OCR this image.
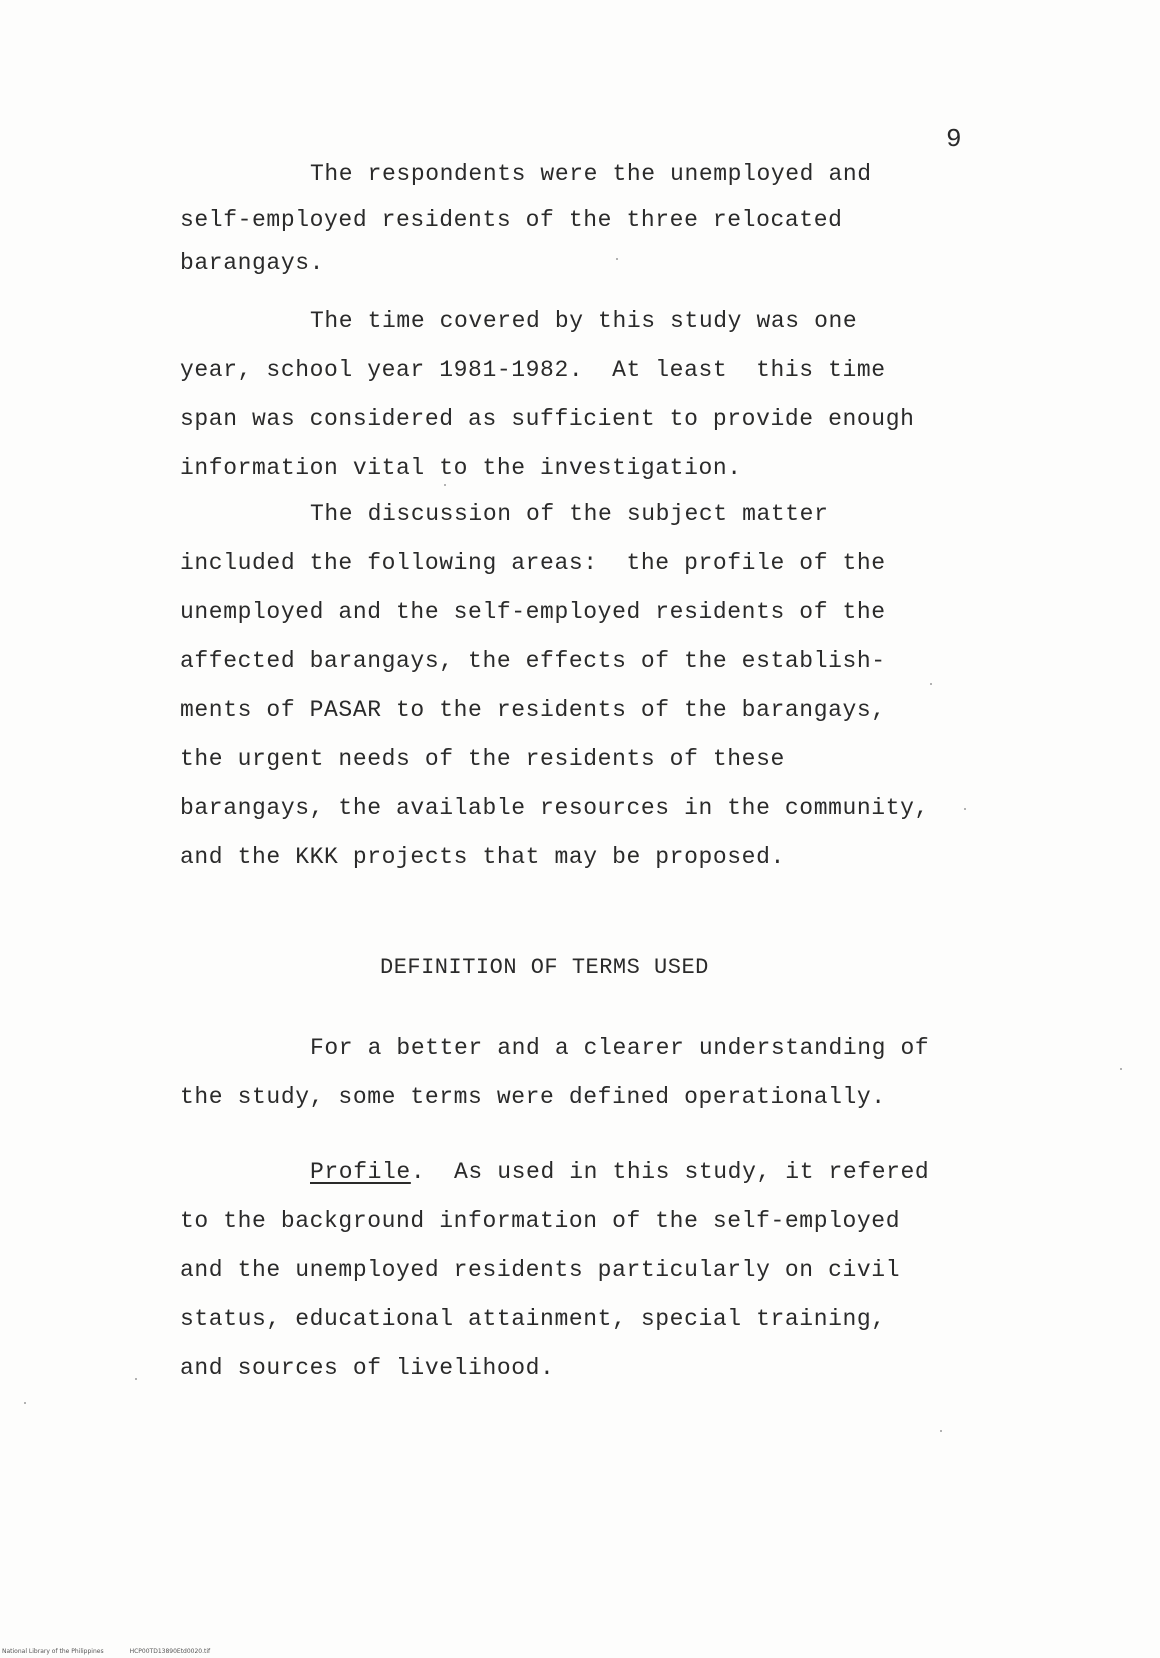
9
The respondents were the unemployed and
self-employed residents of the three relocated
barangays.
The time covered by this study was one
year, school year 1981-1982.  At least  this time
span was considered as sufficient to provide enough
information vital to the investigation.
The discussion of the subject matter
included the following areas:  the profile of the
unemployed and the self-employed residents of the
affected barangays, the effects of the establish-
ments of PASAR to the residents of the barangays,
the urgent needs of the residents of these
barangays, the available resources in the community,
and the KKK projects that may be proposed.
DEFINITION OF TERMS USED
For a better and a clearer understanding of
the study, some terms were defined operationally.
Profile.  As used in this study, it refered
to the background information of the self-employed
and the unemployed residents particularly on civil
status, educational attainment, special training,
and sources of livelihood.
National Library of the Philippines	HCP00TD13890Etd0020.tif
